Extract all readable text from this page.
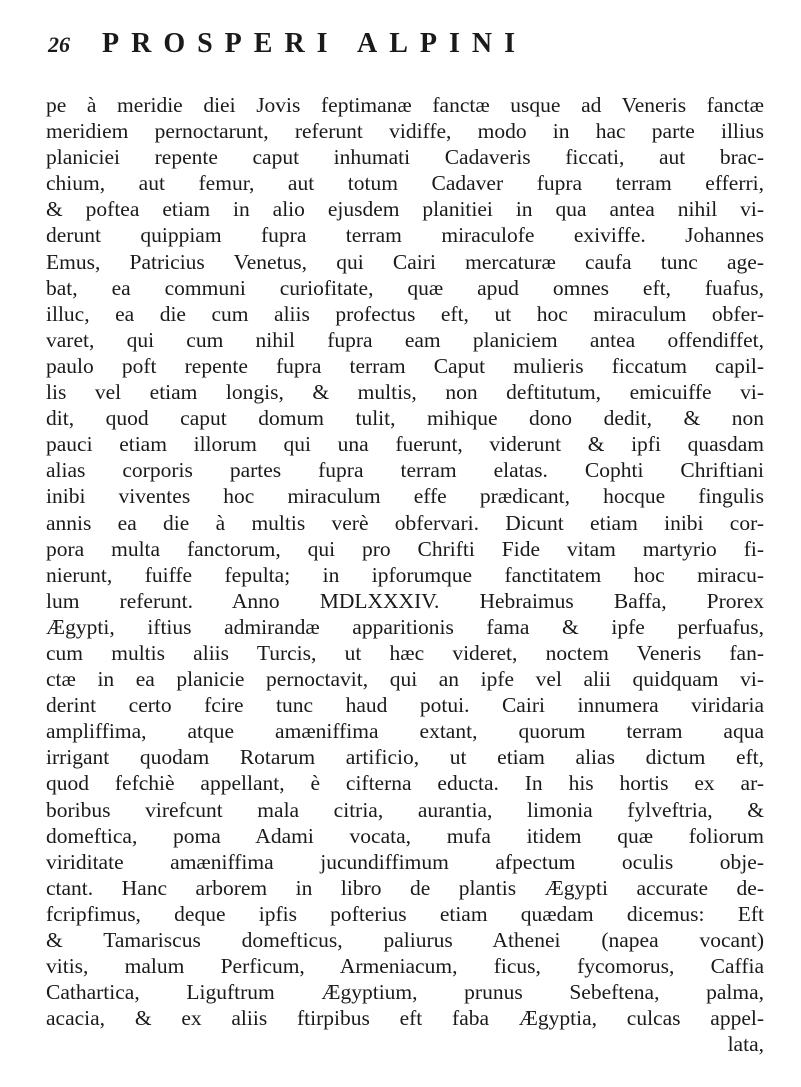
26 PROSPERI ALPINI
pe à meridie diei Jovis feptimanæ fanctæ usque ad Veneris fanctæ
meridiem pernoctarunt, referunt vidiffe, modo in hac parte illius
planiciei repente caput inhumati Cadaveris ficcati, aut brac-
chium, aut femur, aut totum Cadaver fupra terram efferri,
& poftea etiam in alio ejusdem planitiei in qua antea nihil vi-
derunt quippiam fupra terram miraculofe exiviffe. Johannes
Emus, Patricius Venetus, qui Cairi mercaturæ caufa tunc age-
bat, ea communi curiofitate, quæ apud omnes eft, fuafus,
illuc, ea die cum aliis profectus eft, ut hoc miraculum obfer-
varet, qui cum nihil fupra eam planiciem antea offendiffet,
paulo poft repente fupra terram Caput mulieris ficcatum capil-
lis vel etiam longis, & multis, non deftitutum, emicuiffe vi-
dit, quod caput domum tulit, mihique dono dedit, & non
pauci etiam illorum qui una fuerunt, viderunt & ipfi quasdam
alias corporis partes fupra terram elatas. Cophti Chriftiani
inibi viventes hoc miraculum effe prædicant, hocque fingulis
annis ea die à multis verè obfervari. Dicunt etiam inibi cor-
pora multa fanctorum, qui pro Chrifti Fide vitam martyrio fi-
nierunt, fuiffe fepulta; in ipforumque fanctitatem hoc miracu-
lum referunt. Anno MDLXXXIV. Hebraimus Baffa, Prorex
Ægypti, iftius admirandæ apparitionis fama & ipfe perfuafus,
cum multis aliis Turcis, ut hæc videret, noctem Veneris fan-
ctæ in ea planicie pernoctavit, qui an ipfe vel alii quidquam vi-
derint certo fcire tunc haud potui. Cairi innumera viridaria
ampliffima, atque amæniffima extant, quorum terram aqua
irrigant quodam Rotarum artificio, ut etiam alias dictum eft,
quod fefchiè appellant, è cifterna educta. In his hortis ex ar-
boribus virefcunt mala citria, aurantia, limonia fylveftria, &
domeftica, poma Adami vocata, mufa itidem quæ foliorum
viriditate amæniffima jucundiffimum afpectum oculis obje-
ctant. Hanc arborem in libro de plantis Ægypti accurate de-
fcripfimus, deque ipfis pofterius etiam quædam dicemus: Eft
& Tamariscus domefticus, paliurus Athenei (napea vocant)
vitis, malum Perficum, Armeniacum, ficus, fycomorus, Caffia
Cathartica, Liguftrum Ægyptium, prunus Sebeftena, palma,
acacia, & ex aliis ftirpibus eft faba Ægyptia, culcas appel-
lata,
